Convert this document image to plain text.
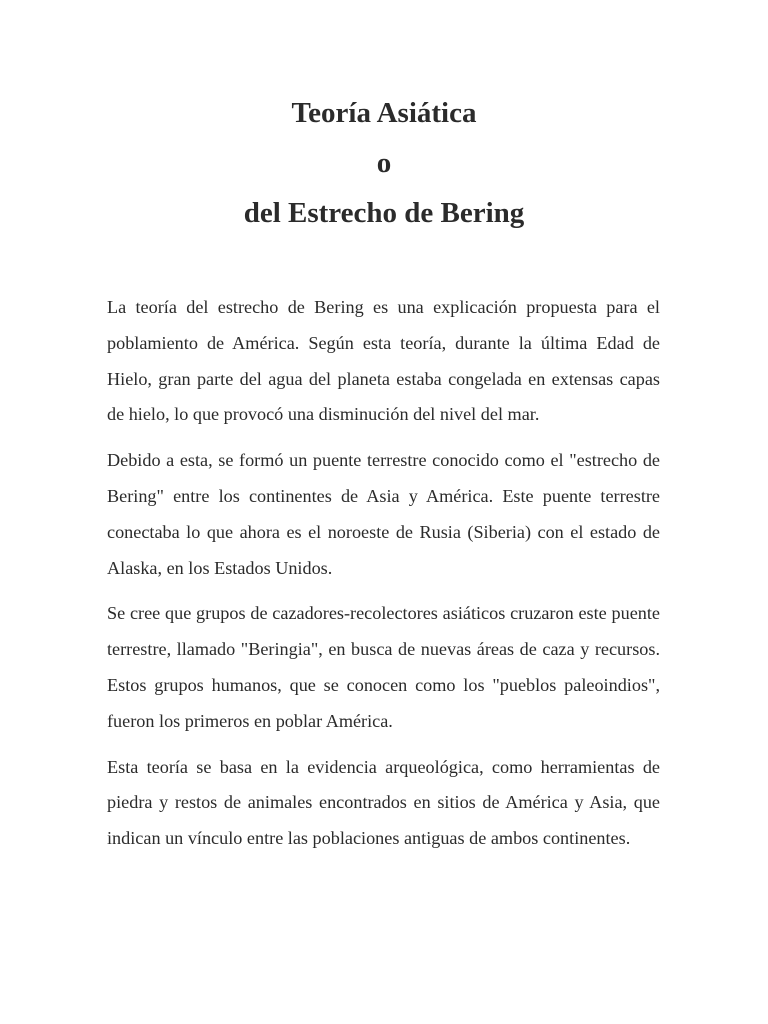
Teoría Asiática

o

del Estrecho de Bering

La teoría del estrecho de Bering es una explicación propuesta para el poblamiento de América. Según esta teoría, durante la última Edad de Hielo, gran parte del agua del planeta estaba congelada en extensas capas de hielo, lo que provocó una disminución del nivel del mar.

Debido a esta, se formó un puente terrestre conocido como el "estrecho de Bering" entre los continentes de Asia y América. Este puente terrestre conectaba lo que ahora es el noroeste de Rusia (Siberia) con el estado de Alaska, en los Estados Unidos.

Se cree que grupos de cazadores-recolectores asiáticos cruzaron este puente terrestre, llamado "Beringia", en busca de nuevas áreas de caza y recursos. Estos grupos humanos, que se conocen como los "pueblos paleoindios", fueron los primeros en poblar América.

Esta teoría se basa en la evidencia arqueológica, como herramientas de piedra y restos de animales encontrados en sitios de América y Asia, que indican un vínculo entre las poblaciones antiguas de ambos continentes.
